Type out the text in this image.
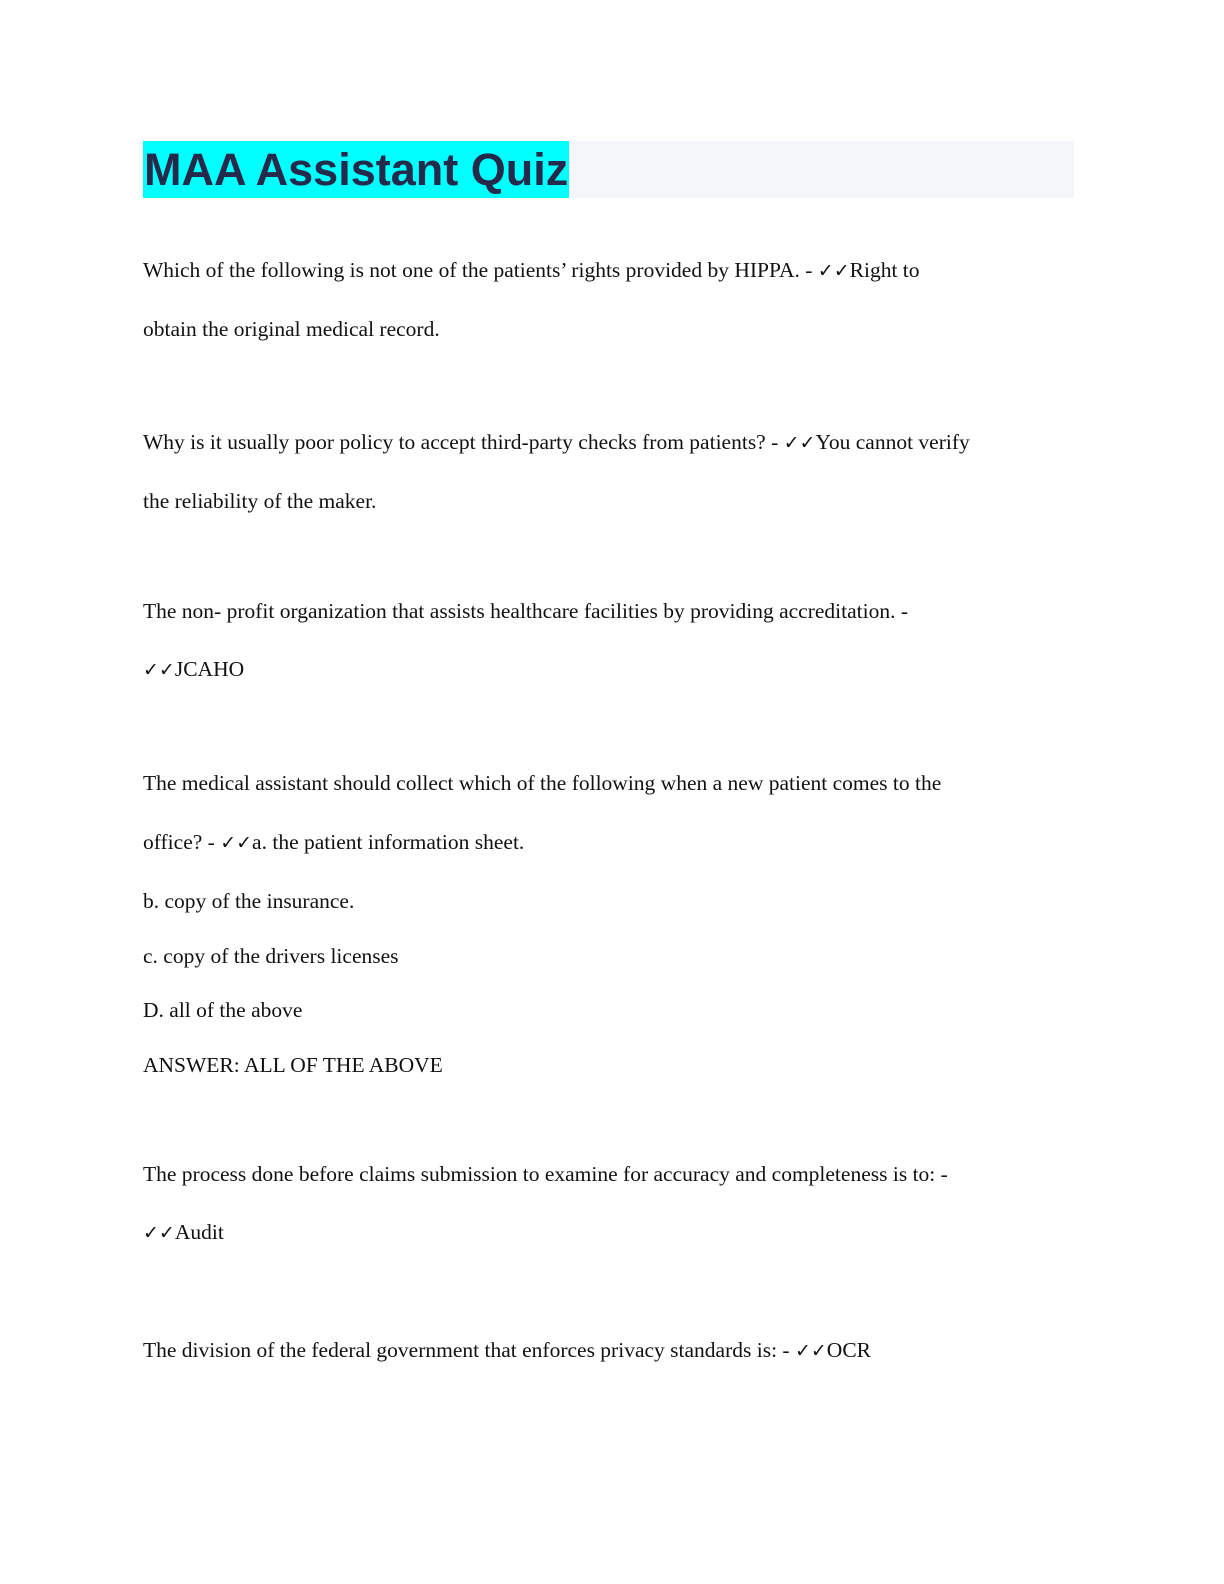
MAA Assistant Quiz
Which of the following is not one of the patients’ rights provided by HIPPA. - ✓✓Right to
obtain the original medical record.
Why is it usually poor policy to accept third-party checks from patients? - ✓✓You cannot verify
the reliability of the maker.
The non- profit organization that assists healthcare facilities by providing accreditation. -
✓✓JCAHO
The medical assistant should collect which of the following when a new patient comes to the
office? - ✓✓a. the patient information sheet.
b. copy of the insurance.
c. copy of the drivers licenses
D. all of the above
ANSWER: ALL OF THE ABOVE
The process done before claims submission to examine for accuracy and completeness is to: -
✓✓Audit
The division of the federal government that enforces privacy standards is: - ✓✓OCR
